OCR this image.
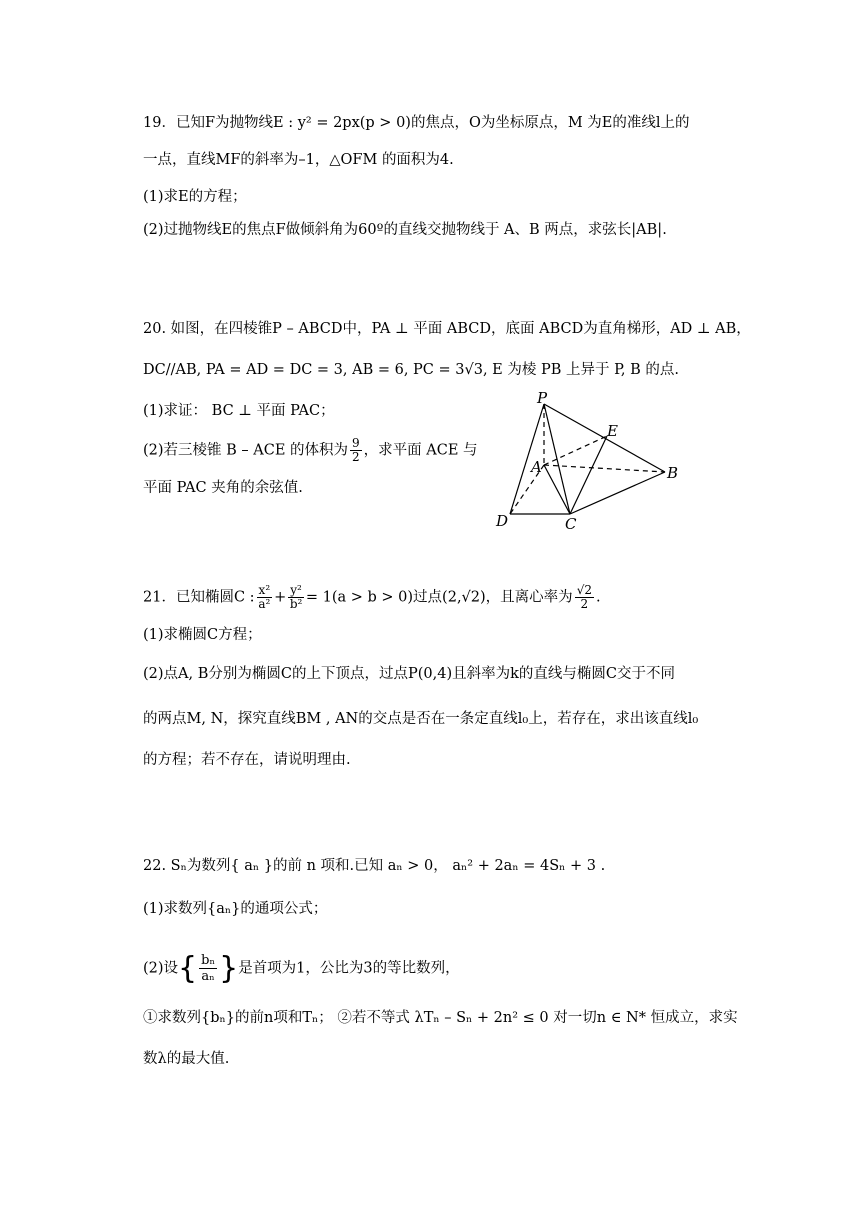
19．已知F为抛物线E : y² = 2px(p > 0)的焦点，O为坐标原点，M 为E的准线l上的
一点，直线MF的斜率为–1，△OFM 的面积为4.
(1)求E的方程；
(2)过抛物线E的焦点F做倾斜角为60º的直线交抛物线于 A、B 两点，求弦长|AB|.
20. 如图，在四棱锥P – ABCD中，PA ⊥ 平面 ABCD，底面 ABCD为直角梯形，AD ⊥ AB，
DC//AB, PA = AD = DC = 3, AB = 6, PC = 3√3, E 为棱 PB 上异于 P, B 的点.
(1)求证： BC ⊥ 平面 PAC；
(2)若三棱锥 B – ACE 的体积为 $\frac{9}{2}$ ，求平面 ACE 与
平面 PAC 夹角的余弦值.
P
E
A	B
D	C
21．已知椭圆C : $\frac{\text{x²}}{\text{a²}} + \frac{\text{y²}}{\text{b²}} = 1(a > b > 0)$过点(2,√2)，且离心率为 $\frac{√2}{2}$ .
(1)求椭圆C方程；
(2)点A, B分别为椭圆C的上下顶点，过点P(0,4)且斜率为k的直线与椭圆C交于不同
的两点M, N，探究直线BM , AN的交点是否在一条定直线l₀上，若存在，求出该直线l₀
的方程；若不存在，请说明理由.
22. Sₙ为数列{ aₙ }的前 n 项和.已知 aₙ > 0， aₙ² + 2aₙ = 4Sₙ + 3 .
(1)求数列{aₙ}的通项公式；
(2)设 { $\frac{\text{bₙ}}{\text{aₙ}}$ } 是首项为1，公比为3的等比数列，
①求数列{bₙ}的前n项和Tₙ； ②若不等式 λTₙ – Sₙ + 2n² ≤ 0 对一切n ∈ N* 恒成立，求实
数λ的最大值.
